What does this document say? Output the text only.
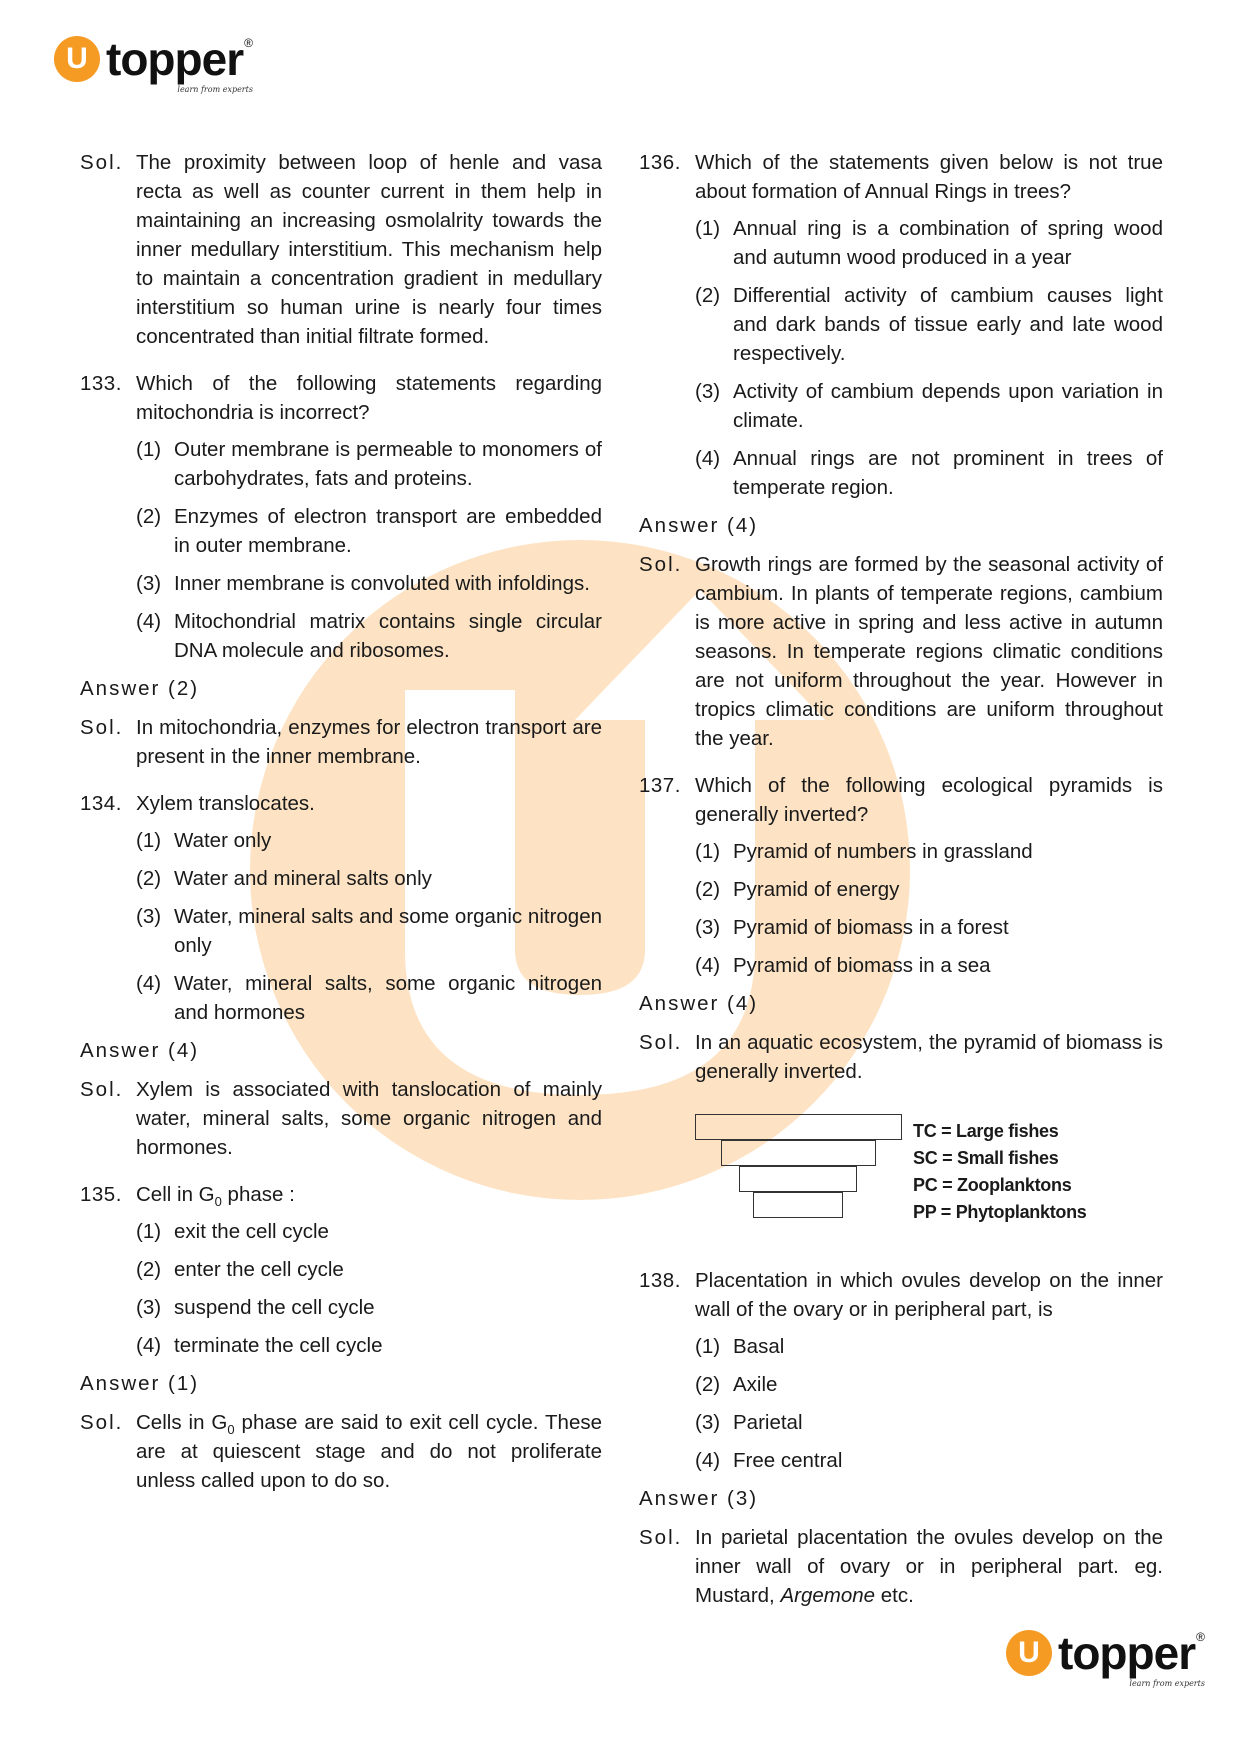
U topper®
learn from experts
Sol. The proximity between loop of henle and vasa recta as well as counter current in them help in maintaining an increasing osmolalrity towards the inner medullary interstitium. This mechanism help to maintain a concentration gradient in medullary interstitium so human urine is nearly four times concentrated than initial filtrate formed.
133. Which of the following statements regarding mitochondria is incorrect?
(1) Outer membrane is permeable to monomers of carbohydrates, fats and proteins.
(2) Enzymes of electron transport are embedded in outer membrane.
(3) Inner membrane is convoluted with infoldings.
(4) Mitochondrial matrix contains single circular DNA molecule and ribosomes.
Answer (2)
Sol. In mitochondria, enzymes for electron transport are present in the inner membrane.
134. Xylem translocates.
(1) Water only
(2) Water and mineral salts only
(3) Water, mineral salts and some organic nitrogen only
(4) Water, mineral salts, some organic nitrogen and hormones
Answer (4)
Sol. Xylem is associated with tanslocation of mainly water, mineral salts, some organic nitrogen and hormones.
135. Cell in $G_0$ phase :
(1) exit the cell cycle
(2) enter the cell cycle
(3) suspend the cell cycle
(4) terminate the cell cycle
Answer (1)
Sol. Cells in $G_0$ phase are said to exit cell cycle. These are at quiescent stage and do not proliferate unless called upon to do so.
136. Which of the statements given below is not true about formation of Annual Rings in trees?
(1) Annual ring is a combination of spring wood and autumn wood produced in a year
(2) Differential activity of cambium causes light and dark bands of tissue early and late wood respectively.
(3) Activity of cambium depends upon variation in climate.
(4) Annual rings are not prominent in trees of temperate region.
Answer (4)
Sol. Growth rings are formed by the seasonal activity of cambium. In plants of temperate regions, cambium is more active in spring and less active in autumn seasons. In temperate regions climatic conditions are not uniform throughout the year. However in tropics climatic conditions are uniform throughout the year.
137. Which of the following ecological pyramids is generally inverted?
(1) Pyramid of numbers in grassland
(2) Pyramid of energy
(3) Pyramid of biomass in a forest
(4) Pyramid of biomass in a sea
Answer (4)
Sol. In an aquatic ecosystem, the pyramid of biomass is generally inverted.
TC = Large fishes
SC = Small fishes
PC = Zooplanktons
PP = Phytoplanktons
138. Placentation in which ovules develop on the inner wall of the ovary or in peripheral part, is
(1) Basal
(2) Axile
(3) Parietal
(4) Free central
Answer (3)
Sol. In parietal placentation the ovules develop on the inner wall of ovary or in peripheral part. eg. Mustard, Argemone etc.
U topper®
learn from experts
